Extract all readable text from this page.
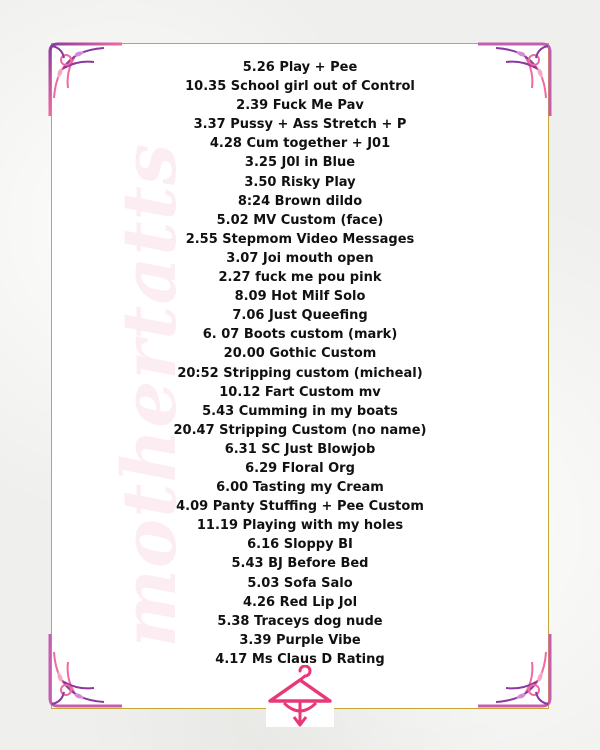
5.26 Play + Pee
10.35 School girl out of Control
2.39 Fuck Me Pav
3.37 Pussy + Ass Stretch + P
4.28 Cum together + J01
3.25 J0l in Blue
3.50 Risky Play
8:24 Brown dildo
5.02 MV Custom (face)
2.55 Stepmom Video Messages
3.07 Joi mouth open
2.27 fuck me pou pink
8.09 Hot Milf Solo
7.06 Just Queefing
6. 07 Boots custom (mark)
20.00 Gothic Custom
20:52 Stripping custom (micheal)
10.12 Fart Custom mv
5.43 Cumming in my boats
20.47 Stripping Custom (no name)
6.31 SC Just Blowjob
6.29 Floral Org
6.00 Tasting my Cream
4.09 Panty Stuffing + Pee Custom
11.19 Playing with my holes
6.16 Sloppy BI
5.43 BJ Before Bed
5.03 Sofa Salo
4.26 Red Lip Jol
5.38 Traceys dog nude
3.39 Purple Vibe
4.17 Ms Claus D Rating
